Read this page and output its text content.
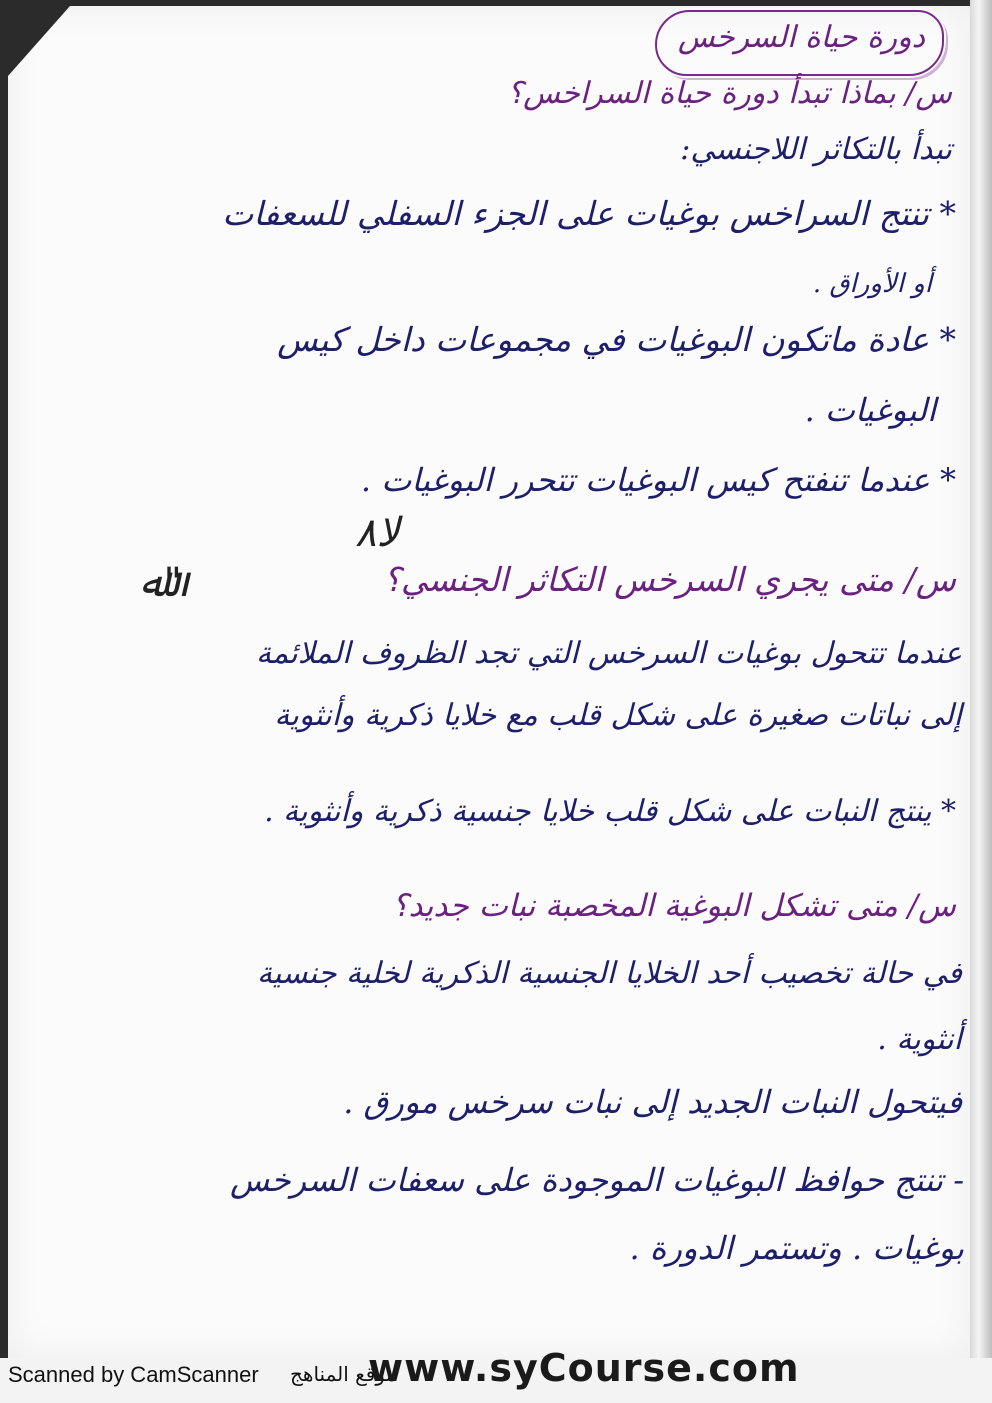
دورة حياة السرخس
س/ بماذا تبدأ دورة حياة السراخس؟
تبدأ بالتكاثر اللاجنسي:
* تنتج السراخس بوغيات على الجزء السفلي للسعفات
أو الأوراق .
* عادة ماتكون البوغيات في مجموعات داخل كيس
البوغيات .
* عندما تنفتح كيس البوغيات تتحرر البوغيات .
ﻻ۸
ﷲ"	س/ متى يجري السرخس التكاثر الجنسي؟
عندما تتحول بوغيات السرخس التي تجد الظروف الملائمة
إلى نباتات صغيرة على شكل قلب مع خلايا ذكرية وأنثوية
* ينتج النبات على شكل قلب خلايا جنسية ذكرية وأنثوية .
س/ متى تشكل البوغية المخصبة نبات جديد؟
في حالة تخصيب أحد الخلايا الجنسية الذكرية لخلية جنسية
أنثوية .
فيتحول النبات الجديد إلى نبات سرخس مورق .
- تنتج حوافظ البوغيات الموجودة على سعفات السرخس
بوغيات . وتستمر الدورة .
Scanned by CamScanner موقع المناهج
www.syCourse.com
